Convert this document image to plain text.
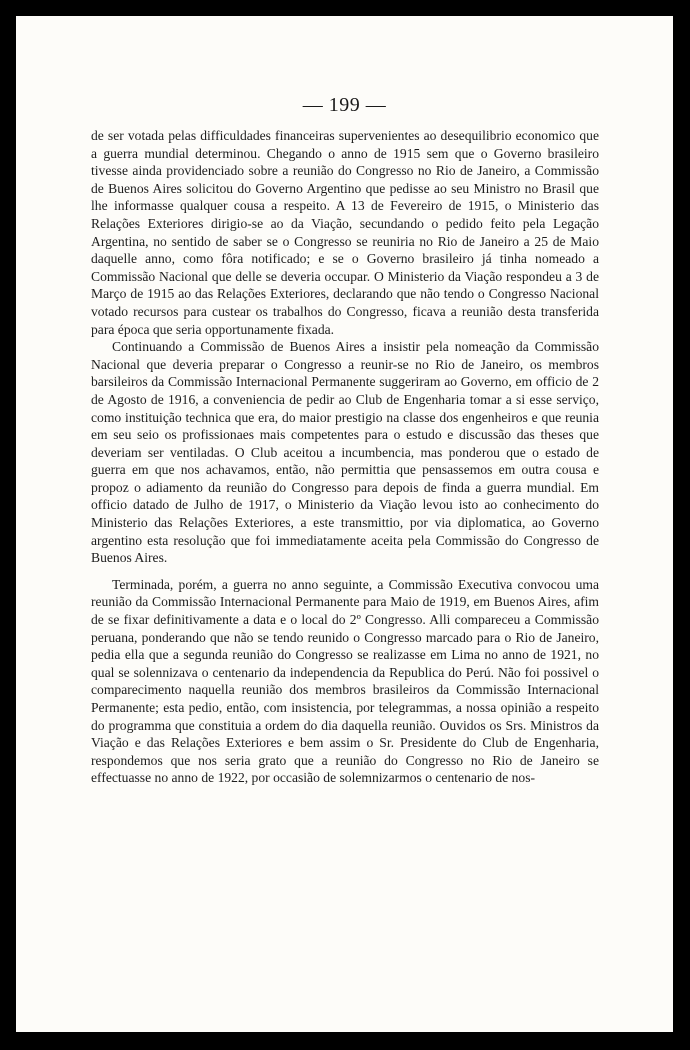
— 199 —

de ser votada pelas difficuldades financeiras supervenientes ao desequilibrio economico que a guerra mundial determinou. Chegando o anno de 1915 sem que o Governo brasileiro tivesse ainda providenciado sobre a reunião do Congresso no Rio de Janeiro, a Commissão de Buenos Aires solicitou do Governo Argentino que pedisse ao seu Ministro no Brasil que lhe informasse qualquer cousa a respeito. A 13 de Fevereiro de 1915, o Ministerio das Relações Exteriores dirigio-se ao da Viação, secundando o pedido feito pela Legação Argentina, no sentido de saber se o Congresso se reuniria no Rio de Janeiro a 25 de Maio daquelle anno, como fôra notificado; e se o Governo brasileiro já tinha nomeado a Commissão Nacional que delle se deveria occupar. O Ministerio da Viação respondeu a 3 de Março de 1915 ao das Relações Exteriores, declarando que não tendo o Congresso Nacional votado recursos para custear os trabalhos do Congresso, ficava a reunião desta transferida para época que seria opportunamente fixada.

Continuando a Commissão de Buenos Aires a insistir pela nomeação da Commissão Nacional que deveria preparar o Congresso a reunir-se no Rio de Janeiro, os membros barsileiros da Commissão Internacional Permanente suggeriram ao Governo, em officio de 2 de Agosto de 1916, a conveniencia de pedir ao Club de Engenharia tomar a si esse serviço, como instituição technica que era, do maior prestigio na classe dos engenheiros e que reunia em seu seio os profissionaes mais competentes para o estudo e discussão das theses que deveriam ser ventiladas. O Club aceitou a incumbencia, mas ponderou que o estado de guerra em que nos achavamos, então, não permittia que pensassemos em outra cousa e propoz o adiamento da reunião do Congresso para depois de finda a guerra mundial. Em officio datado de Julho de 1917, o Ministerio da Viação levou isto ao conhecimento do Ministerio das Relações Exteriores, a este transmittio, por via diplomatica, ao Governo argentino esta resolução que foi immediatamente aceita pela Commissão do Congresso de Buenos Aires.

Terminada, porém, a guerra no anno seguinte, a Commissão Executiva convocou uma reunião da Commissão Internacional Permanente para Maio de 1919, em Buenos Aires, afim de se fixar definitivamente a data e o local do 2º Congresso. Alli compareceu a Commissão peruana, ponderando que não se tendo reunido o Congresso marcado para o Rio de Janeiro, pedia ella que a segunda reunião do Congresso se realizasse em Lima no anno de 1921, no qual se solennizava o centenario da independencia da Republica do Perú. Não foi possivel o comparecimento naquella reunião dos membros brasileiros da Commissão Internacional Permanente; esta pedio, então, com insistencia, por telegrammas, a nossa opinião a respeito do programma que constituia a ordem do dia daquella reunião. Ouvidos os Srs. Ministros da Viação e das Relações Exteriores e bem assim o Sr. Presidente do Club de Engenharia, respondemos que nos seria grato que a reunião do Congresso no Rio de Janeiro se effectuasse no anno de 1922, por occasião de solemnizarmos o centenario de nos-
